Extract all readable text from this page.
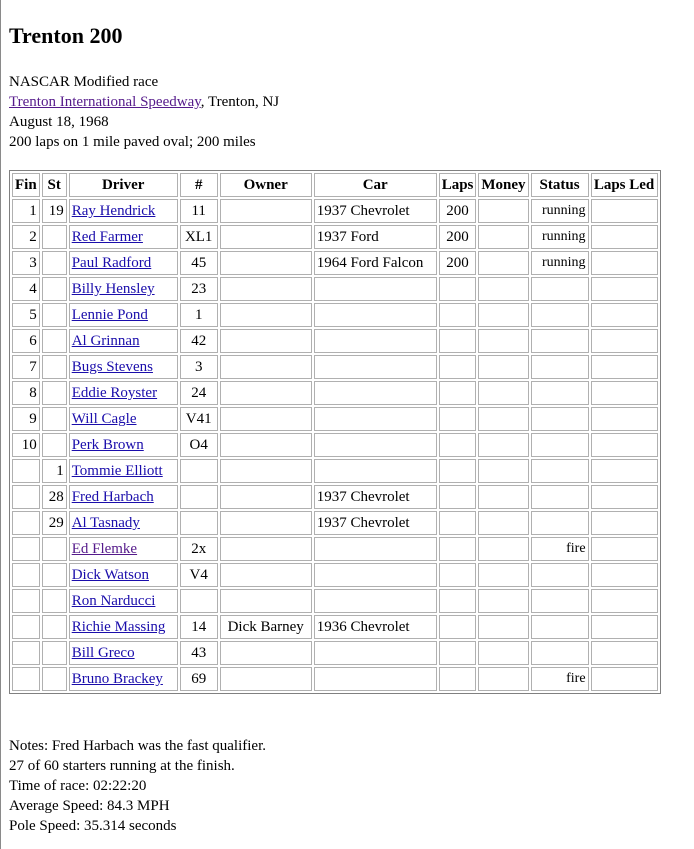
Trenton 200
NASCAR Modified race
Trenton International Speedway, Trenton, NJ
August 18, 1968
200 laps on 1 mile paved oval; 200 miles
Fin	St	Driver	#	Owner	Car	Laps	Money	Status	Laps Led
1	19	Ray Hendrick	11		1937 Chevrolet	200		running	
2		Red Farmer	XL1		1937 Ford	200		running	
3		Paul Radford	45		1964 Ford Falcon	200		running	
4		Billy Hensley	23						
5		Lennie Pond	1						
6		Al Grinnan	42						
7		Bugs Stevens	3						
8		Eddie Royster	24						
9		Will Cagle	V41						
10		Perk Brown	O4						
	1	Tommie Elliott							
	28	Fred Harbach			1937 Chevrolet				
	29	Al Tasnady			1937 Chevrolet				
		Ed Flemke	2x					fire	
		Dick Watson	V4						
		Ron Narducci							
		Richie Massing	14	Dick Barney	1936 Chevrolet				
		Bill Greco	43						
		Bruno Brackey	69					fire	
Notes: Fred Harbach was the fast qualifier.
27 of 60 starters running at the finish.
Time of race: 02:22:20
Average Speed: 84.3 MPH
Pole Speed: 35.314 seconds
